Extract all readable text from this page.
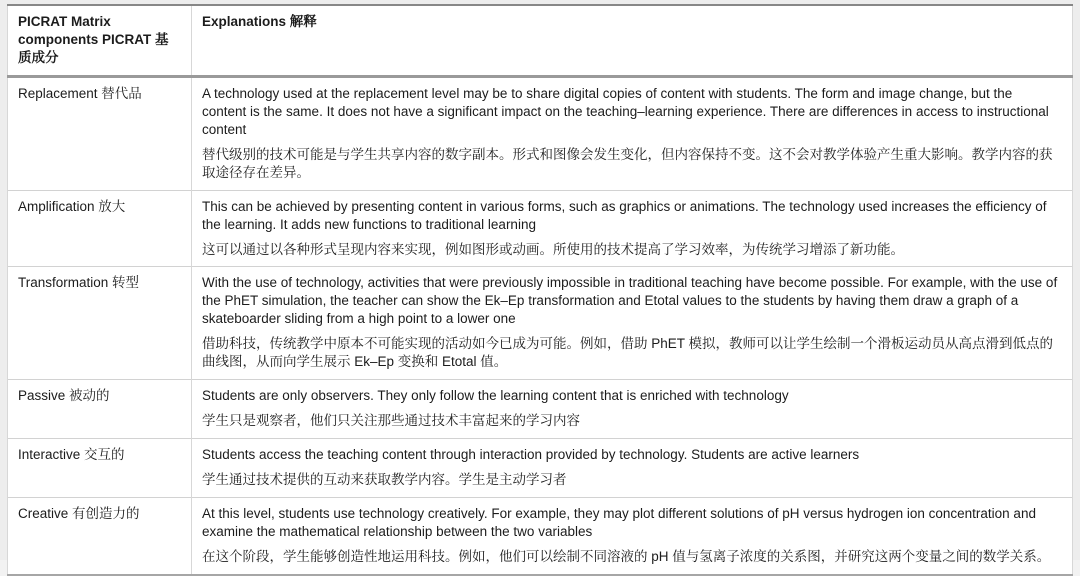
PICRAT Matrix components PICRAT 基质成分	Explanations 解释
Replacement 替代品	A technology used at the replacement level may be to share digital copies of content with students. The form and image change, but the content is the same. It does not have a significant impact on the teaching–learning experience. There are differences in access to instructional content

替代级别的技术可能是与学生共享内容的数字副本。形式和图像会发生变化，但内容保持不变。这不会对教学体验产生重大影响。教学内容的获取途径存在差异。

Amplification 放大	This can be achieved by presenting content in various forms, such as graphics or animations. The technology used increases the efficiency of the learning. It adds new functions to traditional learning

这可以通过以各种形式呈现内容来实现，例如图形或动画。所使用的技术提高了学习效率，为传统学习增添了新功能。

Transformation 转型	With the use of technology, activities that were previously impossible in traditional teaching have become possible. For example, with the use of the PhET simulation, the teacher can show the Ek–Ep transformation and Etotal values to the students by having them draw a graph of a skateboarder sliding from a high point to a lower one

借助科技，传统教学中原本不可能实现的活动如今已成为可能。例如，借助 PhET 模拟，教师可以让学生绘制一个滑板运动员从高点滑到低点的曲线图，从而向学生展示 Ek–Ep 变换和 Etotal 值。

Passive 被动的	Students are only observers. They only follow the learning content that is enriched with technology

学生只是观察者，他们只关注那些通过技术丰富起来的学习内容

Interactive 交互的	Students access the teaching content through interaction provided by technology. Students are active learners

学生通过技术提供的互动来获取教学内容。学生是主动学习者

Creative 有创造力的	At this level, students use technology creatively. For example, they may plot different solutions of pH versus hydrogen ion concentration and examine the mathematical relationship between the two variables

在这个阶段，学生能够创造性地运用科技。例如，他们可以绘制不同溶液的 pH 值与氢离子浓度的关系图，并研究这两个变量之间的数学关系。
